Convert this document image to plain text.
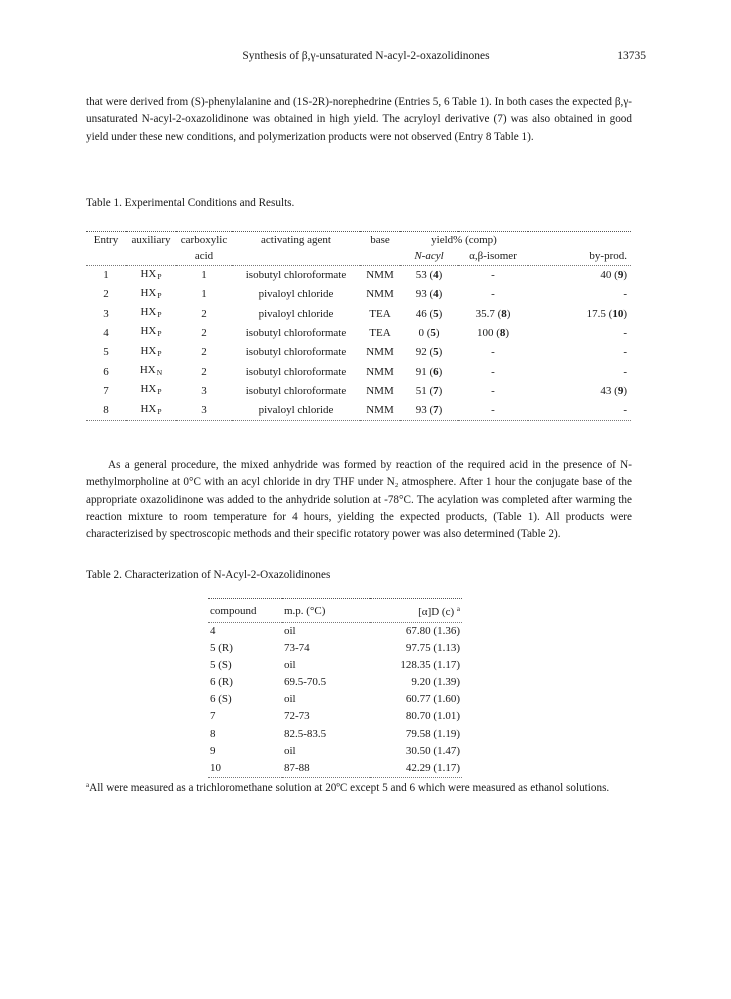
Synthesis of β,γ-unsaturated N-acyl-2-oxazolidinones	13735

that were derived from (S)-phenylalanine and (1S-2R)-norephedrine (Entries 5, 6 Table 1). In both cases the expected β,γ-unsaturated N-acyl-2-oxazolidinone was obtained in high yield. The acryloyl derivative (7) was also obtained in good yield under these new conditions, and polymerization products were not observed (Entry 8 Table 1).

Table 1. Experimental Conditions and Results.

Entry	auxiliary	carboxylic	activating agent	base	yield% (comp)		
		acid			N-acyl	α,β-isomer	by-prod.
1	$HX_P$	1	isobutyl chloroformate	NMM	53 (4)	-	40 (9)
2	$HX_P$	1	pivaloyl chloride	NMM	93 (4)	-	-
3	$HX_P$	2	pivaloyl chloride	TEA	46 (5)	35.7 (8)	17.5 (10)
4	$HX_P$	2	isobutyl chloroformate	TEA	0 (5)	100 (8)	-
5	$HX_P$	2	isobutyl chloroformate	NMM	92 (5)	-	-
6	$HX_N$	2	isobutyl chloroformate	NMM	91 (6)	-	-
7	$HX_P$	3	isobutyl chloroformate	NMM	51 (7)	-	43 (9)
8	$HX_P$	3	pivaloyl chloride	NMM	93 (7)	-	-

As a general procedure, the mixed anhydride was formed by reaction of the required acid in the presence of N-methylmorpholine at 0°C with an acyl chloride in dry THF under N₂ atmosphere. After 1 hour the conjugate base of the appropriate oxazolidinone was added to the anhydride solution at -78°C. The acylation was completed after warming the reaction mixture to room temperature for 4 hours, yielding the expected products, (Table 1). All products were characterizised by spectroscopic methods and their specific rotatory power was also determined (Table 2).

Table 2. Characterization of N-Acyl-2-Oxazolidinones

compound	m.p. (°C)	[α]D (c) $^a$
4	oil	67.80 (1.36)
5 (R)	73-74	97.75 (1.13)
5 (S)	oil	128.35 (1.17)
6 (R)	69.5-70.5	9.20 (1.39)
6 (S)	oil	60.77 (1.60)
7	72-73	80.70 (1.01)
8	82.5-83.5	79.58 (1.19)
9	oil	30.50 (1.47)
10	87-88	42.29 (1.17)

$^a$All were measured as a trichloromethane solution at 20ºC except 5 and 6 which were measured as ethanol solutions.
